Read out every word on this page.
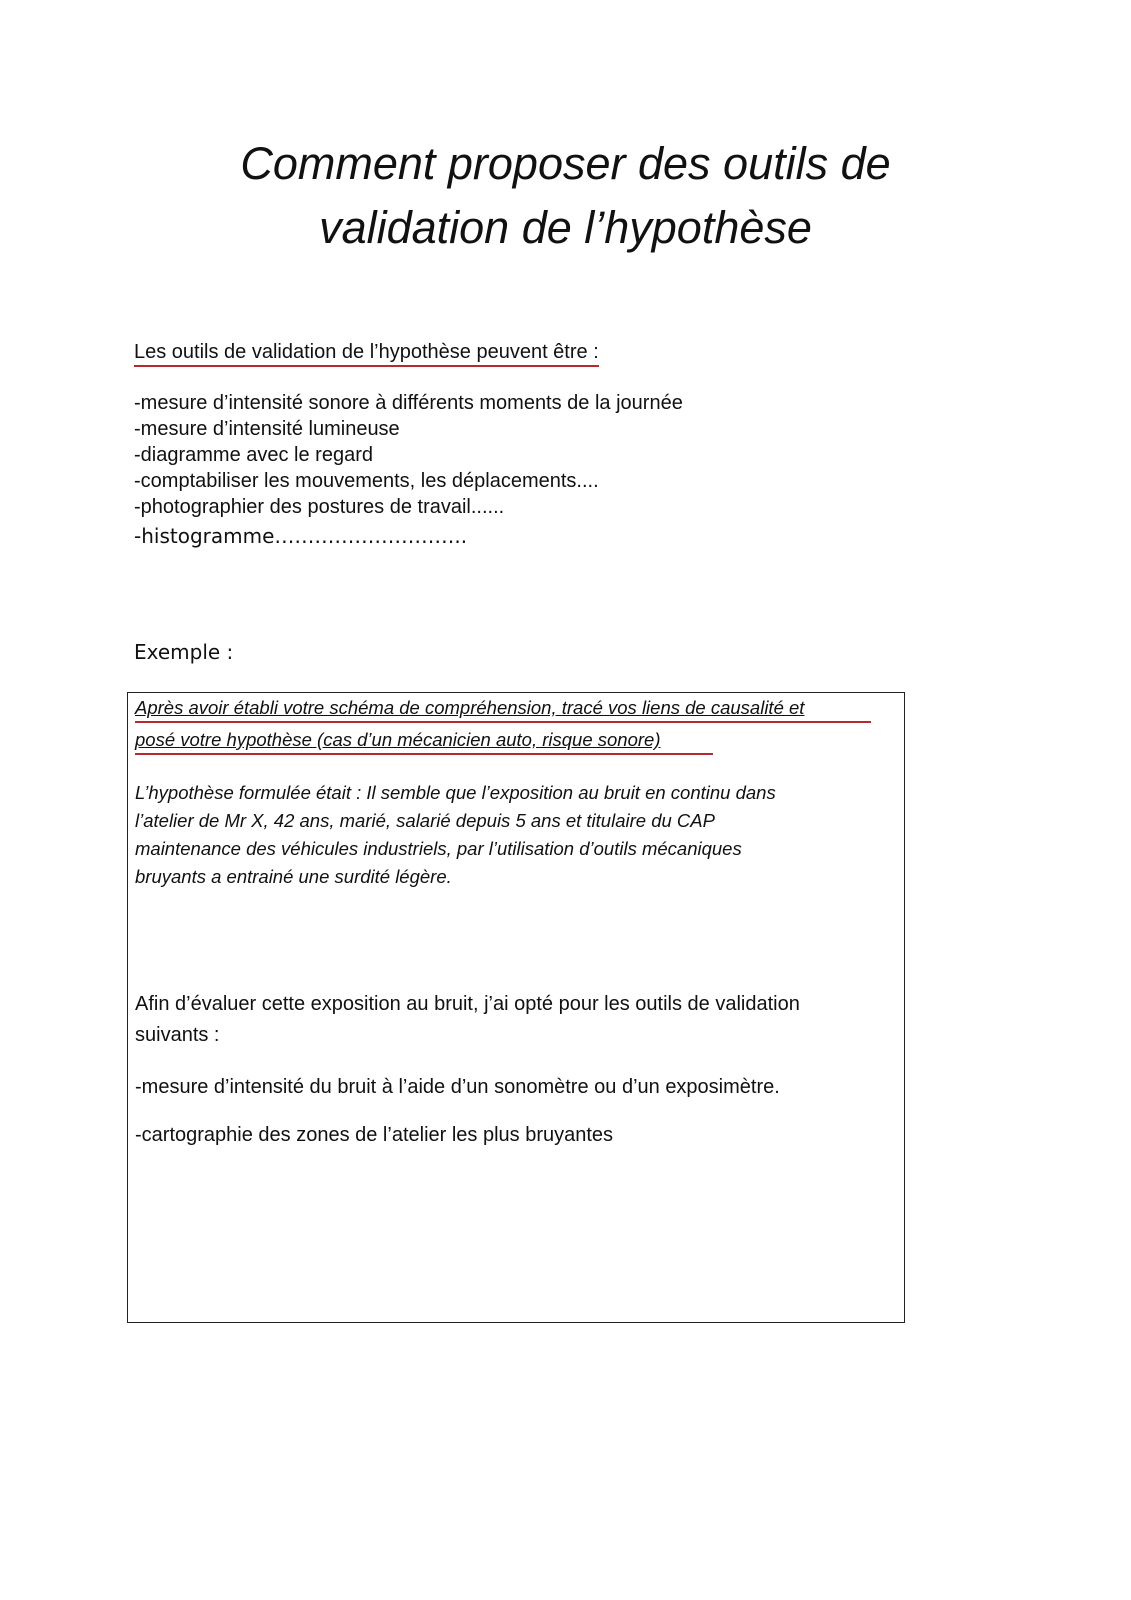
Comment proposer des outils de
validation de l’hypothèse

Les outils de validation de l’hypothèse peuvent être :

-mesure d’intensité sonore à différents moments de la journée
-mesure d’intensité lumineuse
-diagramme avec le regard
-comptabiliser les mouvements, les déplacements....
-photographier des postures de travail......
-histogramme………………………..

Exemple :

Après avoir établi votre schéma de compréhension, tracé vos liens de causalité et

posé votre hypothèse (cas d’un mécanicien auto, risque sonore)

L’hypothèse formulée était : Il semble que l’exposition au bruit en continu dans
l’atelier de Mr X, 42 ans, marié, salarié depuis 5 ans et titulaire du CAP
maintenance des véhicules industriels, par l’utilisation d’outils mécaniques
bruyants a entrainé une surdité légère.

Afin d’évaluer cette exposition au bruit, j’ai opté pour les outils de validation
suivants :

-mesure d’intensité du bruit à l’aide d’un sonomètre ou d’un exposimètre.

-cartographie des zones de l’atelier les plus bruyantes
